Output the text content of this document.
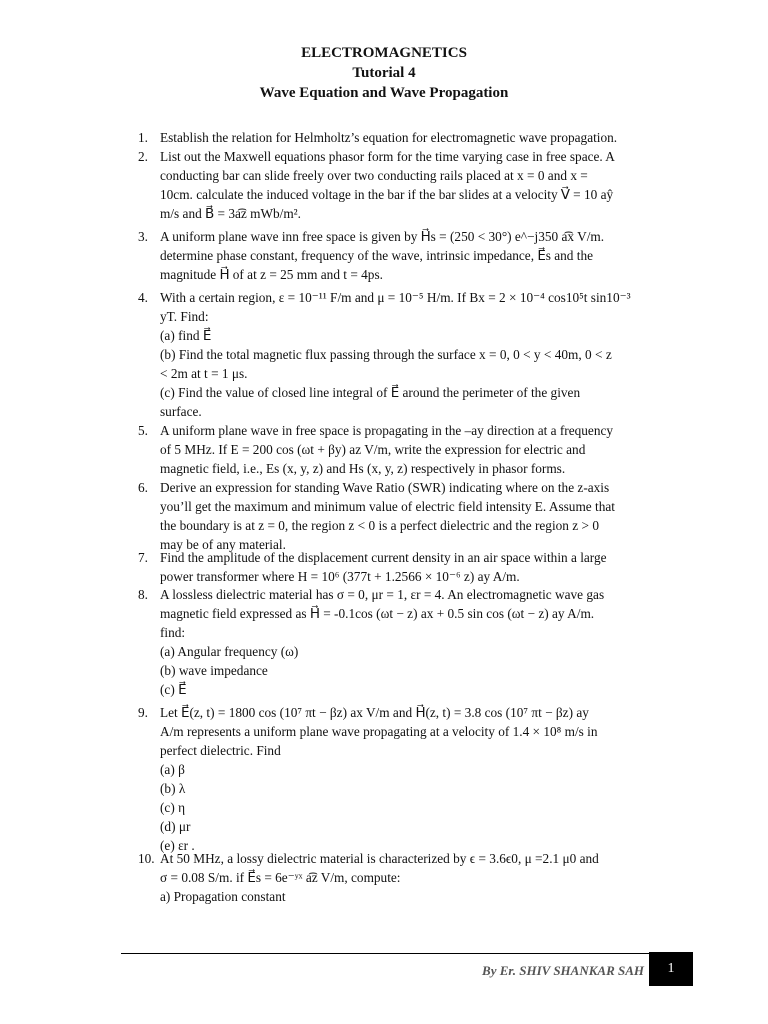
ELECTROMAGNETICS
Tutorial 4
Wave Equation and Wave Propagation
1. Establish the relation for Helmholtz’s equation for electromagnetic wave propagation.
2. List out the Maxwell equations phasor form for the time varying case in free space. A
conducting bar can slide freely over two conducting rails placed at x = 0 and x =
10cm. calculate the induced voltage in the bar if the bar slides at a velocity V⃗ = 10 aŷ
m/s and B⃗ = 3a͡z mWb/m².
3. A uniform plane wave inn free space is given by H⃗s = (250 < 30°) e^−j350 a͡x V/m.
determine phase constant, frequency of the wave, intrinsic impedance, E⃗s and the
magnitude H⃗ of at z = 25 mm and t = 4ps.
4. With a certain region, ε = 10⁻¹¹ F/m and μ = 10⁻⁵ H/m. If Bx = 2 × 10⁻⁴ cos10⁵t sin10⁻³
yT. Find:
(a) find E⃗
(b) Find the total magnetic flux passing through the surface x = 0, 0 < y < 40m, 0 < z
< 2m at t = 1 μs.
(c) Find the value of closed line integral of E⃗ around the perimeter of the given
surface.
5. A uniform plane wave in free space is propagating in the –ay direction at a frequency
of 5 MHz. If E = 200 cos (ωt + βy) az V/m, write the expression for electric and
magnetic field, i.e., Es (x, y, z) and Hs (x, y, z) respectively in phasor forms.
6. Derive an expression for standing Wave Ratio (SWR) indicating where on the z-axis
you’ll get the maximum and minimum value of electric field intensity E. Assume that
the boundary is at z = 0, the region z < 0 is a perfect dielectric and the region z > 0
may be of any material.
7. Find the amplitude of the displacement current density in an air space within a large
power transformer where H = 10⁶ (377t + 1.2566 × 10⁻⁶ z) ay A/m.
8. A lossless dielectric material has σ = 0, μr = 1, εr = 4. An electromagnetic wave gas
magnetic field expressed as H⃗ = -0.1cos (ωt − z) ax + 0.5 sin cos (ωt − z) ay A/m.
find:
(a) Angular frequency (ω)
(b) wave impedance
(c) E⃗
9. Let E⃗(z, t) = 1800 cos (10⁷ πt − βz) ax V/m and H⃗(z, t) = 3.8 cos (10⁷ πt − βz) ay
A/m represents a uniform plane wave propagating at a velocity of 1.4 × 10⁸ m/s in
perfect dielectric. Find
(a) β
(b) λ
(c) η
(d) μr
(e) εr .
10. At 50 MHz, a lossy dielectric material is characterized by ϵ = 3.6ϵ0, μ =2.1 μ0 and
σ = 0.08 S/m. if E⃗s = 6e⁻ʸˣ a͡z V/m, compute:
a) Propagation constant
By Er. SHIV SHANKAR SAH	1
